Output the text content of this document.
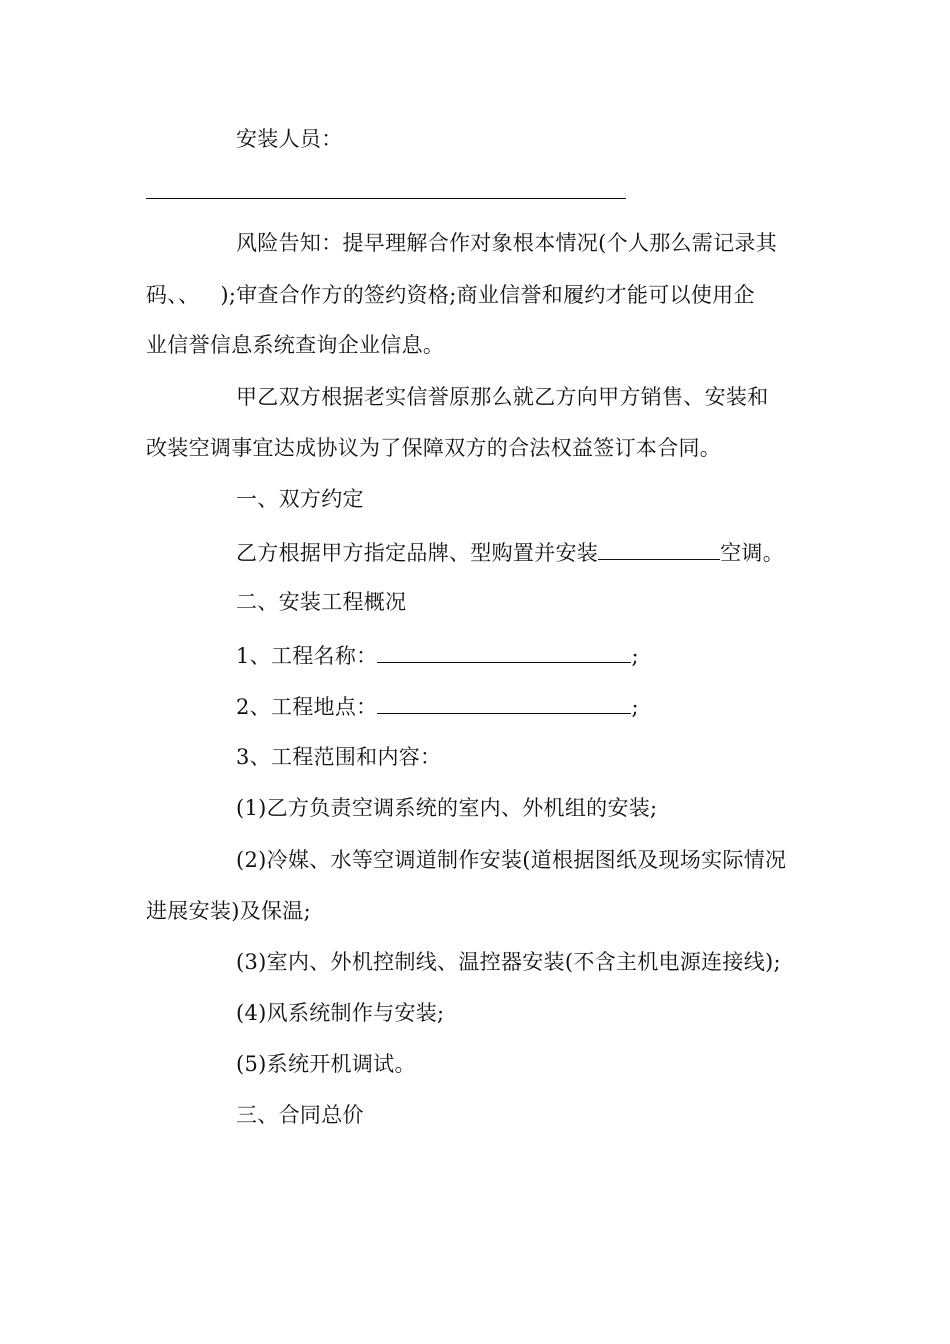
安装人员：
风险告知：提早理解合作对象根本情况(个人那么需记录其
码、、   );审查合作方的签约资格;商业信誉和履约才能可以使用企
业信誉信息系统查询企业信息。
甲乙双方根据老实信誉原那么就乙方向甲方销售、安装和
改装空调事宜达成协议为了保障双方的合法权益签订本合同。
一、双方约定
乙方根据甲方指定品牌、型购置并安装	空调。
二、安装工程概况
1、工程名称：	;
2、工程地点：	;
3、工程范围和内容：
(1)乙方负责空调系统的室内、外机组的安装;
(2)冷媒、水等空调道制作安装(道根据图纸及现场实际情况
进展安装)及保温;
(3)室内、外机控制线、温控器安装(不含主机电源连接线);
(4)风系统制作与安装;
(5)系统开机调试。
三、合同总价
